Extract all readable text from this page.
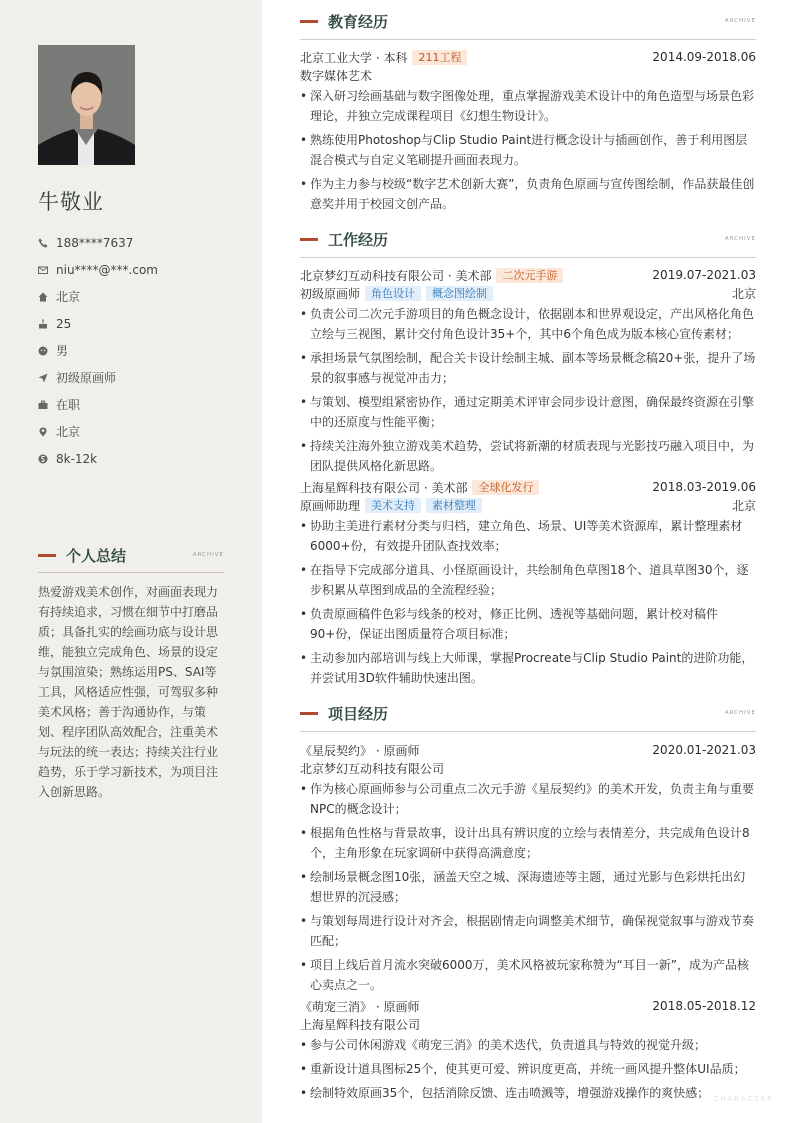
牛敬业
188****7637
niu****@***.com
北京
25
男
初级原画师
在职
北京
8k-12k
个人总结	ARCHIVE
热爱游戏美术创作，对画面表现力有持续追求，习惯在细节中打磨品质；具备扎实的绘画功底与设计思维，能独立完成角色、场景的设定与氛围渲染；熟练运用PS、SAI等工具，风格适应性强，可驾驭多种美术风格；善于沟通协作，与策划、程序团队高效配合，注重美术与玩法的统一表达；持续关注行业趋势，乐于学习新技术，为项目注入创新思路。
教育经历	ARCHIVE
北京工业大学 · 本科	211工程	2014.09-2018.06
数字媒体艺术
• 深入研习绘画基础与数字图像处理，重点掌握游戏美术设计中的角色造型与场景色彩理论，并独立完成课程项目《幻想生物设计》。
• 熟练使用Photoshop与Clip Studio Paint进行概念设计与插画创作，善于利用图层混合模式与自定义笔刷提升画面表现力。
• 作为主力参与校级“数字艺术创新大赛”，负责角色原画与宣传图绘制，作品获最佳创意奖并用于校园文创产品。
工作经历	ARCHIVE
北京梦幻互动科技有限公司 · 美术部	二次元手游	2019.07-2021.03
初级原画师	角色设计	概念图绘制	北京
• 负责公司二次元手游项目的角色概念设计，依据剧本和世界观设定，产出风格化角色立绘与三视图，累计交付角色设计35+个，其中6个角色成为版本核心宣传素材；
• 承担场景气氛图绘制，配合关卡设计绘制主城、副本等场景概念稿20+张，提升了场景的叙事感与视觉冲击力；
• 与策划、模型组紧密协作，通过定期美术评审会同步设计意图，确保最终资源在引擎中的还原度与性能平衡；
• 持续关注海外独立游戏美术趋势，尝试将新潮的材质表现与光影技巧融入项目中，为团队提供风格化新思路。
上海星辉科技有限公司 · 美术部	全球化发行	2018.03-2019.06
原画师助理	美术支持	素材整理	北京
• 协助主美进行素材分类与归档，建立角色、场景、UI等美术资源库，累计整理素材6000+份，有效提升团队查找效率；
• 在指导下完成部分道具、小怪原画设计，共绘制角色草图18个、道具草图30个，逐步积累从草图到成品的全流程经验；
• 负责原画稿件色彩与线条的校对，修正比例、透视等基础问题，累计校对稿件90+份，保证出图质量符合项目标准；
• 主动参加内部培训与线上大师课，掌握Procreate与Clip Studio Paint的进阶功能，并尝试用3D软件辅助快速出图。
项目经历	ARCHIVE
《星辰契约》 · 原画师	2020.01-2021.03
北京梦幻互动科技有限公司
• 作为核心原画师参与公司重点二次元手游《星辰契约》的美术开发，负责主角与重要NPC的概念设计；
• 根据角色性格与背景故事，设计出具有辨识度的立绘与表情差分，共完成角色设计8个，主角形象在玩家调研中获得高满意度；
• 绘制场景概念图10张，涵盖天空之城、深海遗迹等主题，通过光影与色彩烘托出幻想世界的沉浸感；
• 与策划每周进行设计对齐会，根据剧情走向调整美术细节，确保视觉叙事与游戏节奏匹配；
• 项目上线后首月流水突破6000万，美术风格被玩家称赞为“耳目一新”，成为产品核心卖点之一。
《萌宠三消》 · 原画师	2018.05-2018.12
上海星辉科技有限公司
• 参与公司休闲游戏《萌宠三消》的美术迭代，负责道具与特效的视觉升级；
• 重新设计道具图标25个，使其更可爱、辨识度更高，并统一画风提升整体UI品质；
• 绘制特效原画35个，包括消除反馈、连击喷溅等，增强游戏操作的爽快感； CHARACTER
